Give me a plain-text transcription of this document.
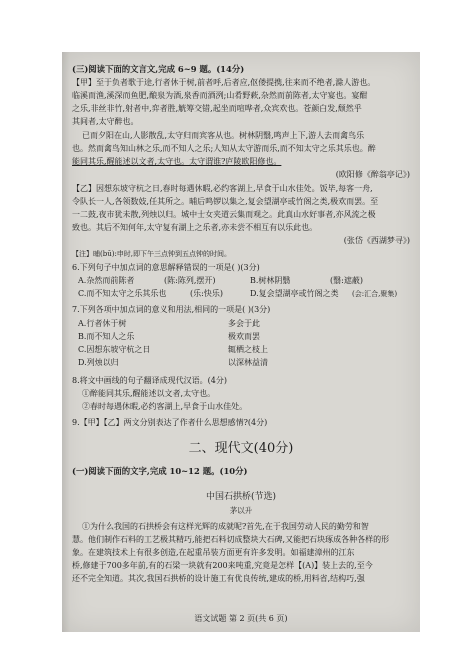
(三)阅读下面的文言文,完成 6~9 题。(14分)
【甲】至于负者歌于途,行者休于树,前者呼,后者应,伛偻提携,往来而不绝者,滁人游也。
临溪而渔,溪深而鱼肥,酿泉为酒,泉香而酒洌;山肴野蔌,杂然而前陈者,太守宴也。宴酣
之乐,非丝非竹,射者中,弈者胜,觥筹交错,起坐而喧哗者,众宾欢也。苍颜白发,颓然乎
其间者,太守醉也。
已而夕阳在山,人影散乱,太守归而宾客从也。树林阴翳,鸣声上下,游人去而禽鸟乐
也。然而禽鸟知山林之乐,而不知人之乐;人知从太守游而乐,而不知太守之乐其乐也。醉
能同其乐,醒能述以文者,太守也。太守谓谁?庐陵欧阳修也。
(欧阳修《醉翁亭记》)
【乙】因想东坡守杭之日,春时每遇休暇,必约客湖上,早食于山水佳处。饭毕,每客一舟,
令队长一人,各领数妓,任其所之。晡后鸣锣以集之,复会望湖亭或竹阁之类,极欢而罢。至
一二鼓,夜市犹未散,列烛以归。城中士女夹道云集而观之。此真山水好事者,亦风流之极
致也。其后不知何年,太守复有湖上之乐者,亦未尝不相互有以乐此也。
(张岱《西湖梦寻》)
【注】晡(bū):申时,即下午三点钟到五点钟的时间。
6.下列句子中加点词的意思解释错误的一项是( )(3分)
A.杂然而前陈者	(陈:陈列,摆开)	B.树林阴翳	(翳:遮蔽)
C.而不知太守之乐其乐也	(乐:快乐)	D.复会望湖亭或竹阁之类 (会:汇合,聚集)
7.下列各项中加点词的意义和用法,相同的一项是( )(3分)
A.行者休于树	多会于此
B.而不知人之乐	极欢而罢
C.因想东坡守杭之日	辄栖之枝上
D.列烛以归	以深林益清
8.将文中画线的句子翻译成现代汉语。(4分)
①醉能同其乐,醒能述以文者,太守也。
②春时每遇休暇,必约客湖上,早食于山水佳处。
9.【甲】【乙】两文分别表达了作者什么思想感情?(4分)
二、现代文(40分)
(一)阅读下面的文字,完成 10~12 题。(10分)
中国石拱桥(节选)
茅以升
①为什么我国的石拱桥会有这样光辉的成就呢?首先,在于我国劳动人民的勤劳和智
慧。他们制作石料的工艺极其精巧,能把石料切成整块大石碑,又能把石块琢成各种各样的形
象。在建筑技术上有很多创造,在起重吊装方面更有许多发明。如福建漳州的江东
桥,修建于700多年前,有的石梁一块就有200来吨重,究竟是怎样【(A)】装上去的,至今
还不完全知道。其次,我国石拱桥的设计施工有优良传统,建成的桥,用料省,结构巧,强
语文试题 第 2 页(共 6 页)
